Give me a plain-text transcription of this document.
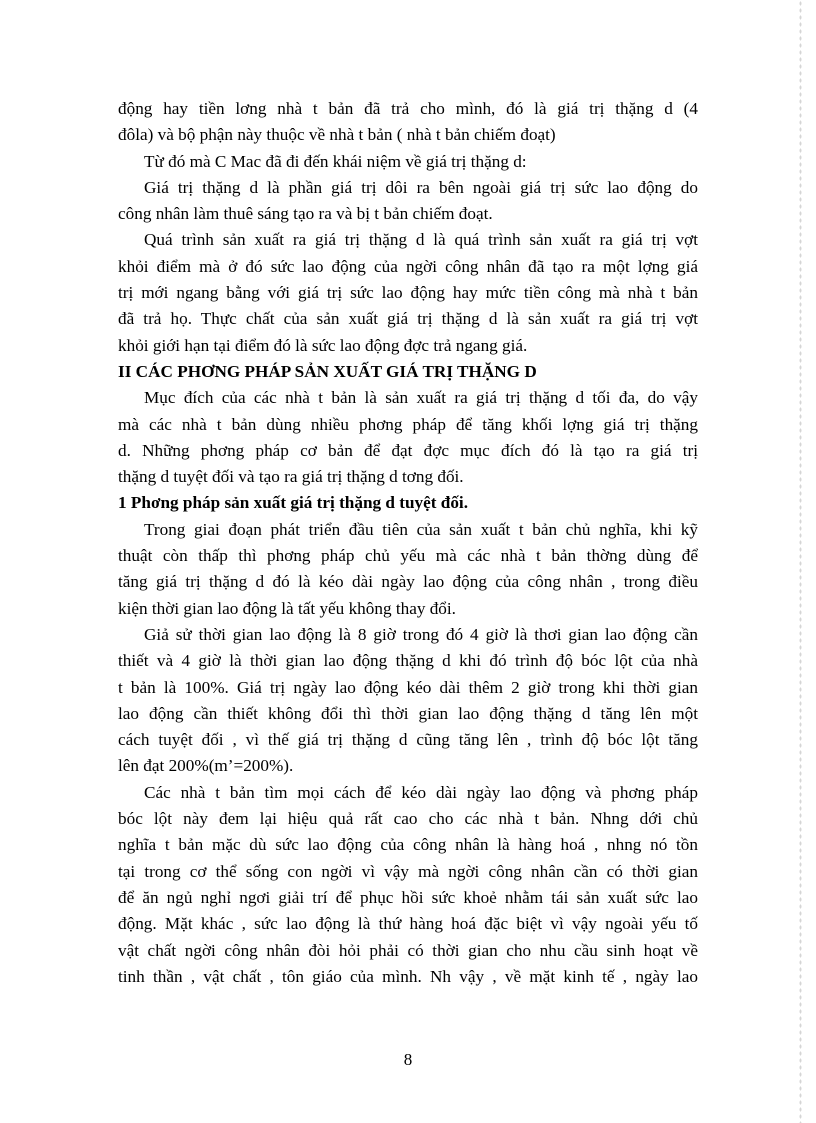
động hay tiền lơng nhà t bản đã trả cho mình, đó là giá trị thặng d (4
đôla) và bộ phận này thuộc về nhà t bản ( nhà t bản chiếm đoạt)
Từ đó mà C Mac đã đi đến khái niệm về giá trị thặng d:
Giá trị thặng d là phần giá trị dôi ra bên ngoài giá trị sức lao động do
công nhân làm thuê sáng tạo ra và bị t bản chiếm đoạt.
Quá trình sản xuất ra giá trị thặng d là quá trình sản xuất ra giá trị vợt
khỏi điểm mà ở đó sức lao động của ngời công nhân đã tạo ra một lợng giá
trị mới ngang bằng với giá trị sức lao động hay mức tiền công mà nhà t bản
đã trả họ. Thực chất của sản xuất giá trị thặng d là sản xuất ra giá trị vợt
khỏi giới hạn tại điểm đó là sức lao động đợc trả ngang giá.
II CÁC PHƠNG PHÁP SẢN XUẤT GIÁ TRỊ THẶNG D
Mục đích của các nhà t bản là sản xuất ra giá trị thặng d tối đa, do vậy
mà các nhà t bản dùng nhiều phơng pháp để tăng khối lợng giá trị thặng
d. Những phơng pháp cơ bản để đạt đợc mục đích đó là tạo ra giá trị
thặng d tuyệt đối và tạo ra giá trị thặng d tơng đối.
1 Phơng pháp sản xuất giá trị thặng d tuyệt đối.
Trong giai đoạn phát triển đầu tiên của sản xuất t bản chủ nghĩa, khi kỹ
thuật còn thấp thì phơng pháp chủ yếu mà các nhà t bản thờng dùng để
tăng giá trị thặng d đó là kéo dài ngày lao động của công nhân , trong điều
kiện thời gian lao động là tất yếu không thay đổi.
Giả sử thời gian lao động là 8 giờ trong đó 4 giờ là thơi gian lao động cần
thiết và 4 giờ là thời gian lao động thặng d khi đó trình độ bóc lột của nhà
t bản là 100%. Giá trị ngày lao động kéo dài thêm 2 giờ trong khi thời gian
lao động cần thiết không đổi thì thời gian lao động thặng d tăng lên một
cách tuyệt đối , vì thế giá trị thặng d cũng tăng lên , trình độ bóc lột tăng
lên đạt 200%(m’=200%).
Các nhà t bản tìm mọi cách để kéo dài ngày lao động và phơng pháp
bóc lột này đem lại hiệu quả rất cao cho các nhà t bản. Nhng dới chủ
nghĩa t bản mặc dù sức lao động của công nhân là hàng hoá , nhng nó tồn
tại trong cơ thể sống con ngời vì vậy mà ngời công nhân cần có thời gian
để ăn ngủ nghỉ ngơi giải trí để phục hồi sức khoẻ nhằm tái sản xuất sức lao
động. Mặt khác , sức lao động là thứ hàng hoá đặc biệt vì vậy ngoài yếu tố
vật chất ngời công nhân đòi hỏi phải có thời gian cho nhu cầu sinh hoạt về
tinh thần , vật chất , tôn giáo của mình. Nh vậy , về mặt kinh tế , ngày lao
8
